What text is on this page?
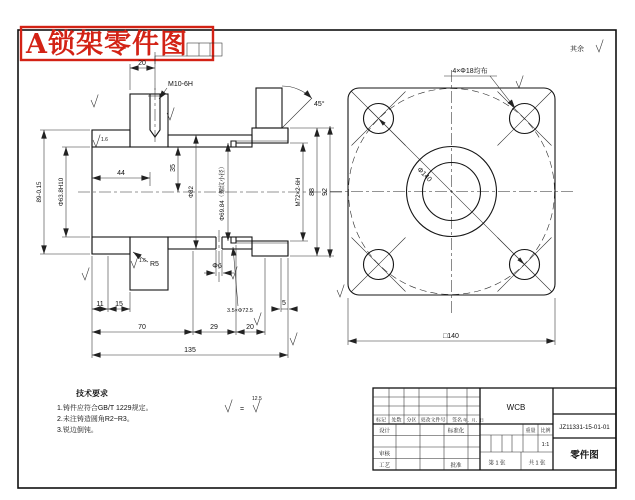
A锁架零件图	其余
20
M10-6H
45°
44
35
Φ63.8H10
89-0.15	Φ82	Φ69.84（螺纹小径）	M72×2-6H 88 92
1.6
1.6 R5	Φ6
3.5×Φ72.5
11 15
70	29	20
5
135
Φ140
4×Φ18均布
□140
技术要求
1.铸件应符合GB/T 1229规定。
2.未注铸造圆角R2~R3。
3.锐边倒钝。
=
12.5
标记 处数 分区 更改文件号 签名 年、月、日
设计
审核
工艺
标准化
批准
WCB
重量 比例
1:1
第 1 张	共 1 张
JZ11331-15-01-01
零件图
